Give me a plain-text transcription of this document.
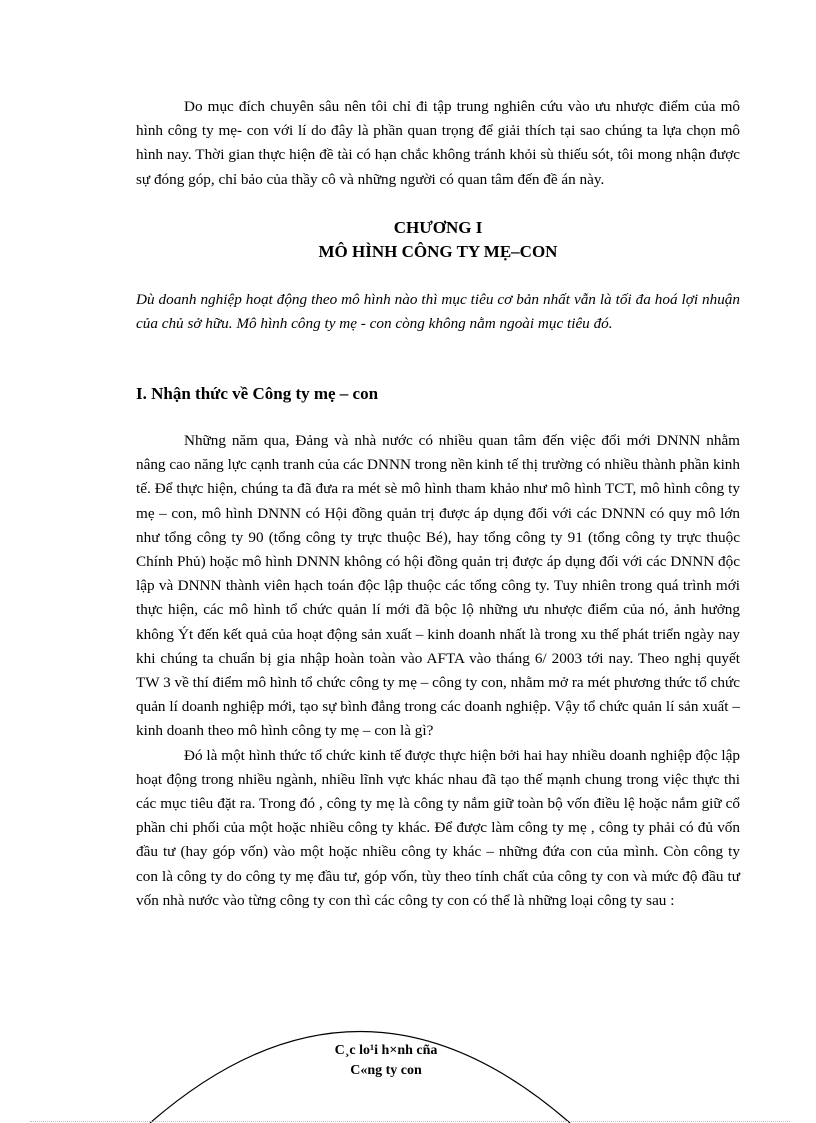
Do mục đích chuyên sâu nên tôi chỉ đi tập trung nghiên cứu vào ưu nhược điểm của mô hình công ty mẹ- con với lí do đây là phần quan trọng để giải thích tại sao chúng ta lựa chọn mô hình nay. Thời gian thực hiện đề tài có hạn chắc không tránh khỏi sù thiếu sót, tôi mong nhận được sự đóng góp, chỉ bảo của thầy cô và những người có quan tâm đến đề án này.

CHƯƠNG I
MÔ HÌNH CÔNG TY MẸ–CON

Dù doanh nghiệp hoạt động theo mô hình nào thì mục tiêu cơ bản nhất vẫn là tối đa hoá lợi nhuận của chủ sở hữu. Mô hình công ty mẹ - con còng không nằm ngoài mục tiêu đó.

I. Nhận thức về Công ty mẹ – con

Những năm qua, Đảng và nhà nước có nhiều quan tâm đến việc đổi mới DNNN nhằm nâng cao năng lực cạnh tranh của các DNNN trong nền kinh tế thị trường có nhiều thành phần kinh tế. Để thực hiện, chúng ta đã đưa ra mét sè mô hình tham khảo như mô hình TCT, mô hình công ty mẹ – con, mô hình DNNN có Hội đồng quản trị được áp dụng đối với các DNNN có quy mô lớn như tổng công ty 90 (tổng công ty trực thuộc Bé), hay tổng công ty 91 (tổng công ty trực thuộc Chính Phủ) hoặc mô hình DNNN không có hội đồng quản trị được áp dụng đối với các DNNN độc lập và DNNN thành viên hạch toán độc lập thuộc các tổng công ty. Tuy nhiên trong quá trình mới thực hiện, các mô hình tổ chức quản lí mới đã bộc lộ những ưu nhược điểm của nó, ảnh hưởng không Ýt đến kết quả của hoạt động sản xuất – kinh doanh nhất là trong xu thế phát triển ngày nay khi chúng ta chuẩn bị gia nhập hoàn toàn vào AFTA vào tháng 6/ 2003 tới nay. Theo nghị quyết TW 3 về thí điểm mô hình tổ chức công ty mẹ – công ty con, nhằm mở ra mét phương thức tổ chức quản lí doanh nghiệp mới, tạo sự bình đẳng trong các doanh nghiệp. Vậy tổ chức quản lí sản xuất – kinh doanh theo mô hình công ty mẹ – con là gì?

Đó là một hình thức tổ chức kinh tế được thực hiện bởi hai hay nhiều doanh nghiệp độc lập hoạt động trong nhiều ngành, nhiều lĩnh vực khác nhau đã tạo thế mạnh chung trong việc thực thi các mục tiêu đặt ra. Trong đó , công ty mẹ là công ty nắm giữ toàn bộ vốn điều lệ hoặc nắm giữ cổ phần chi phối của một hoặc nhiều công ty khác. Để được làm công ty mẹ , công ty phải có đủ vốn đầu tư (hay góp vốn) vào một hoặc nhiều công ty khác – những đứa con của mình. Còn công ty con là công ty do công ty mẹ đầu tư, góp vốn, tùy theo tính chất của công ty con và mức độ đầu tư vốn nhà nước vào từng công ty con thì các công ty con có thể là những loại công ty sau :

C¸c lo¹i h×nh cña
C«ng ty con
